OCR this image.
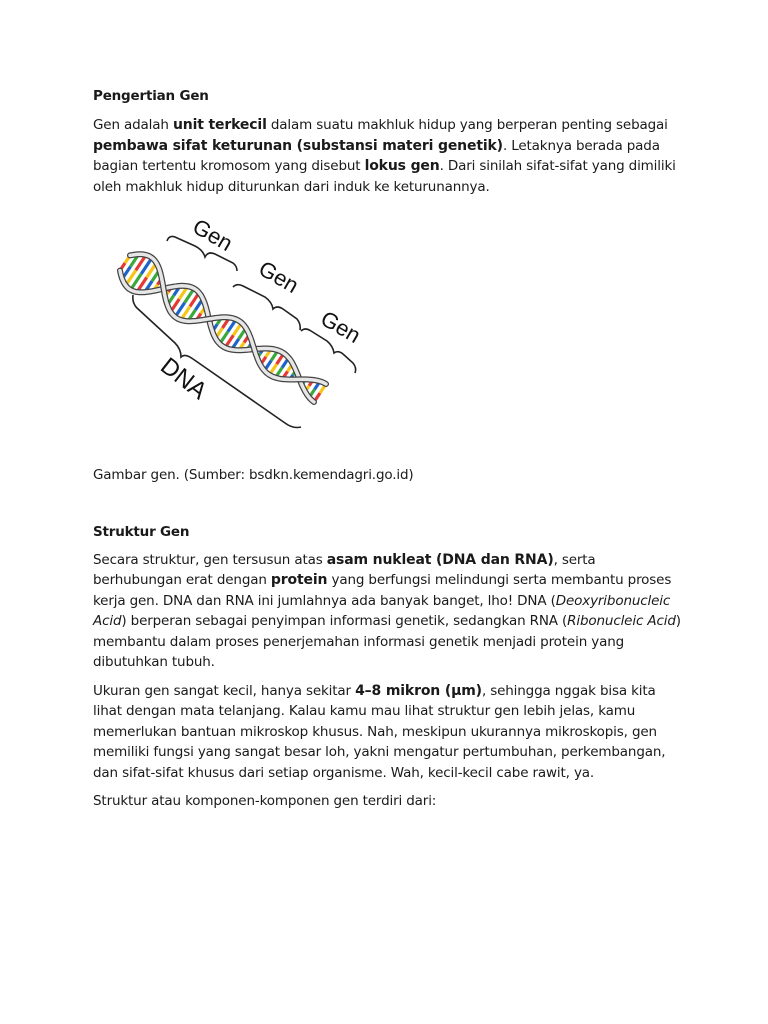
Pengertian Gen

Gen adalah unit terkecil dalam suatu makhluk hidup yang berperan penting sebagai pembawa sifat keturunan (substansi materi genetik). Letaknya berada pada bagian tertentu kromosom yang disebut lokus gen. Dari sinilah sifat-sifat yang dimiliki oleh makhluk hidup diturunkan dari induk ke keturunannya.

Gen
Gen
Gen
DNA

Gambar gen. (Sumber: bsdkn.kemendagri.go.id)

Struktur Gen

Secara struktur, gen tersusun atas asam nukleat (DNA dan RNA), serta berhubungan erat dengan protein yang berfungsi melindungi serta membantu proses kerja gen. DNA dan RNA ini jumlahnya ada banyak banget, lho! DNA (Deoxyribonucleic Acid) berperan sebagai penyimpan informasi genetik, sedangkan RNA (Ribonucleic Acid) membantu dalam proses penerjemahan informasi genetik menjadi protein yang dibutuhkan tubuh.

Ukuran gen sangat kecil, hanya sekitar 4–8 mikron (µm), sehingga nggak bisa kita lihat dengan mata telanjang. Kalau kamu mau lihat struktur gen lebih jelas, kamu memerlukan bantuan mikroskop khusus. Nah, meskipun ukurannya mikroskopis, gen memiliki fungsi yang sangat besar loh, yakni mengatur pertumbuhan, perkembangan, dan sifat-sifat khusus dari setiap organisme. Wah, kecil-kecil cabe rawit, ya.

Struktur atau komponen-komponen gen terdiri dari:
